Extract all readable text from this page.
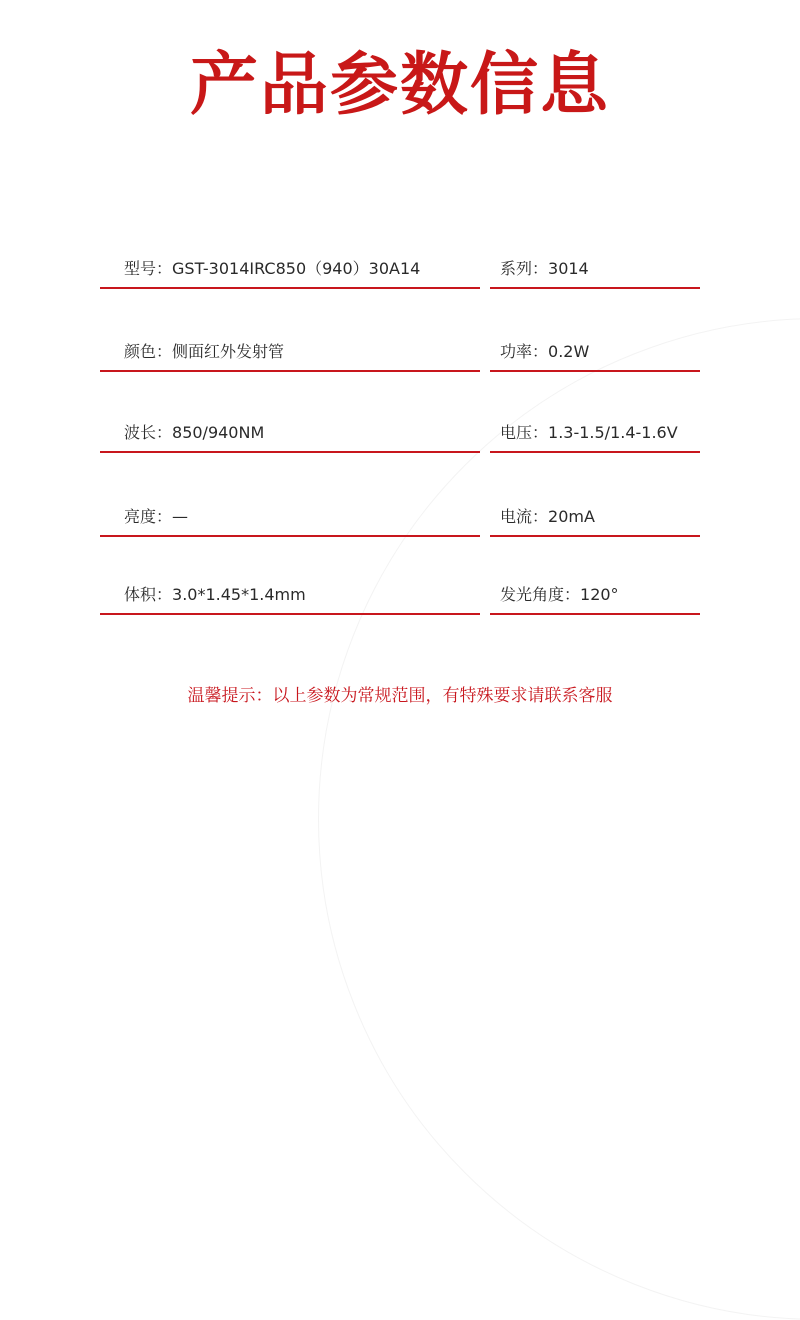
产品参数信息
型号：GST-3014IRC850（940）30A14	系列：3014
颜色：侧面红外发射管	功率：0.2W
波长：850/940NM	电压：1.3-1.5/1.4-1.6V
亮度：—	电流：20mA
体积：3.0*1.45*1.4mm	发光角度：120°
温馨提示：以上参数为常规范围，有特殊要求请联系客服
